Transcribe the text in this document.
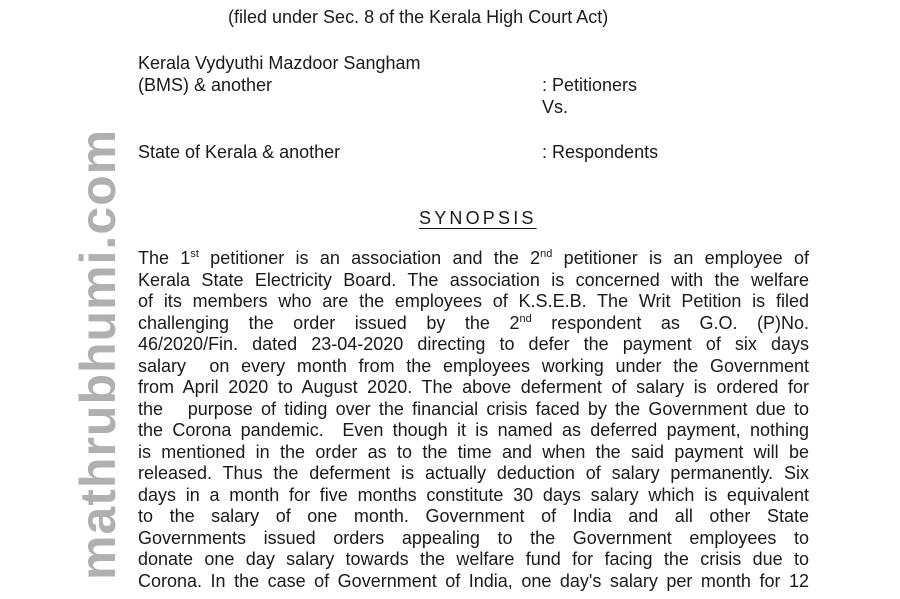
(filed under Sec. 8 of the Kerala High Court Act)
Kerala Vydyuthi Mazdoor Sangham
(BMS) & another	: Petitioners
Vs.
State of Kerala & another	: Respondents
SYNOPSIS
The 1st petitioner is an association and the 2nd petitioner is an employee of
Kerala State Electricity Board. The association is concerned with the welfare
of its members who are the employees of K.S.E.B. The Writ Petition is filed
challenging the order issued by the 2nd respondent as G.O. (P)No.
46/2020/Fin. dated 23-04-2020 directing to defer the payment of six days
salary  on every month from the employees working under the Government
from April 2020 to August 2020. The above deferment of salary is ordered for
the   purpose of tiding over the financial crisis faced by the Government due to
the Corona pandemic.  Even though it is named as deferred payment, nothing
is mentioned in the order as to the time and when the said payment will be
released. Thus the deferment is actually deduction of salary permanently. Six
days in a month for five months constitute 30 days salary which is equivalent
to the salary of one month. Government of India and all other State
Governments issued orders appealing to the Government employees to
donate one day salary towards the welfare fund for facing the crisis due to
Corona. In the case of Government of India, one day's salary per month for 12
mathrubhumi.com
